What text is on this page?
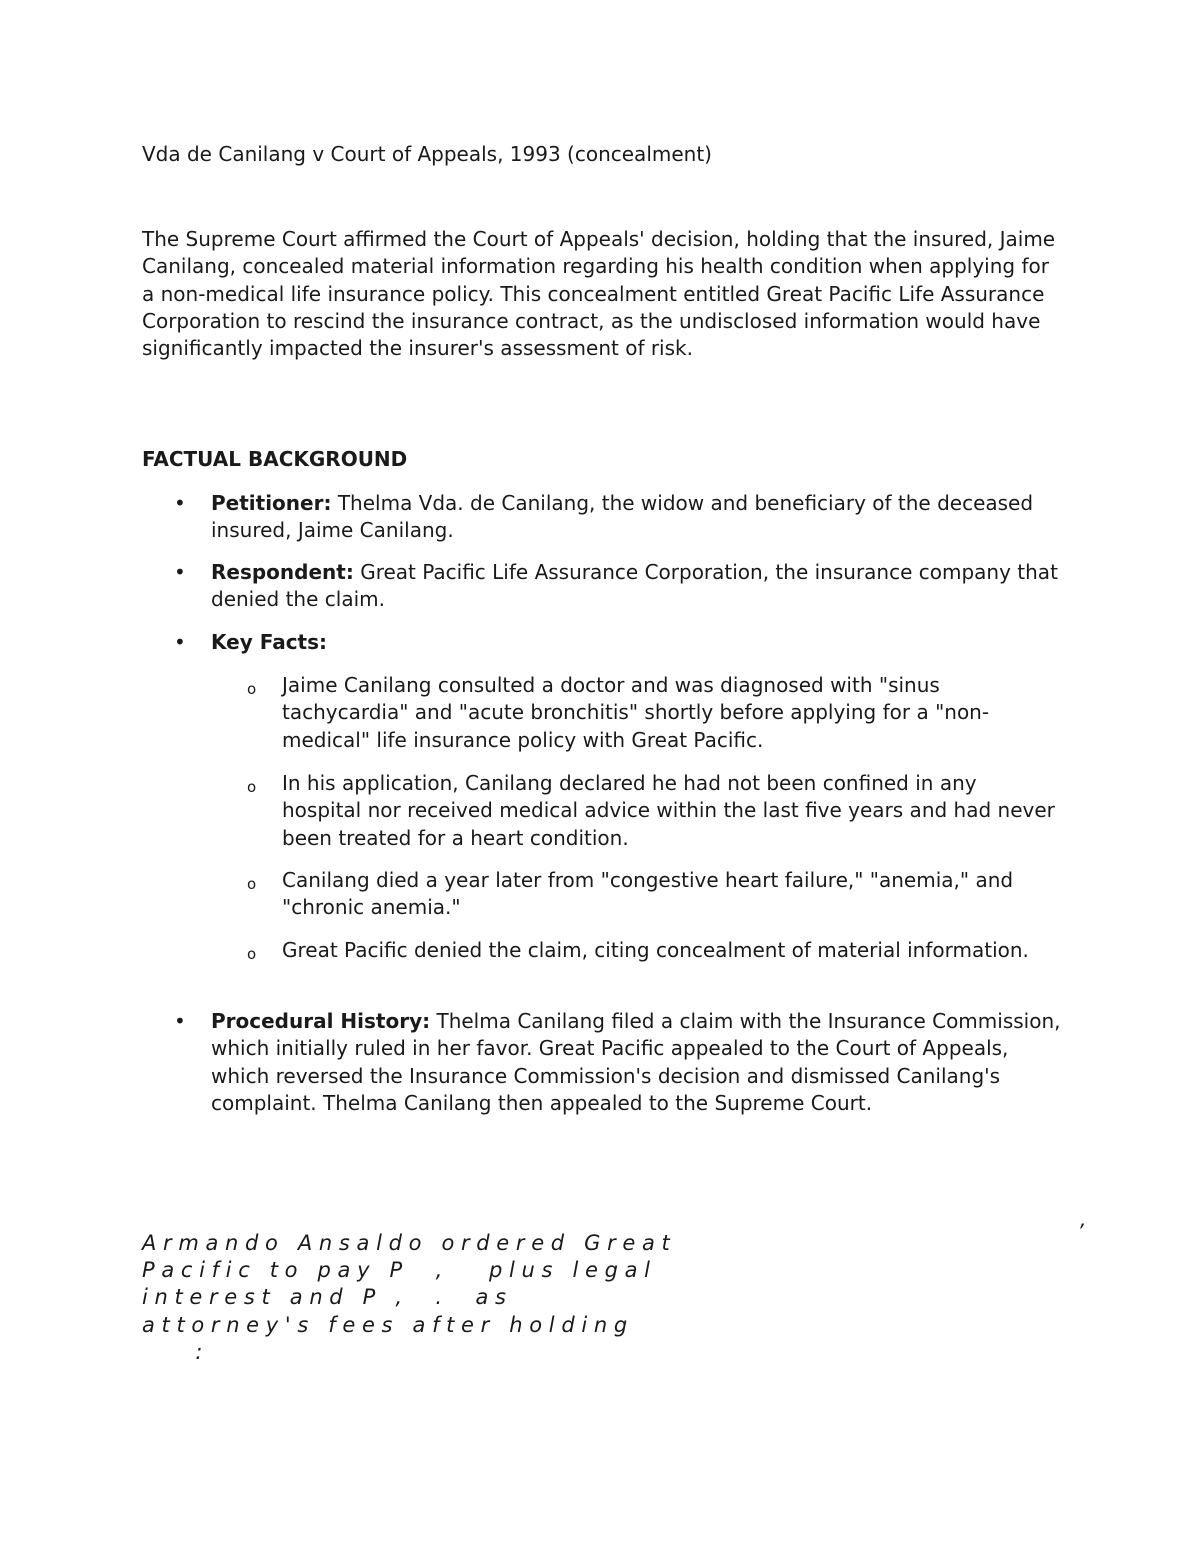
Vda de Canilang v Court of Appeals, 1993 (concealment)

The Supreme Court affirmed the Court of Appeals' decision, holding that the insured, Jaime Canilang, concealed material information regarding his health condition when applying for a non-medical life insurance policy. This concealment entitled Great Pacific Life Assurance Corporation to rescind the insurance contract, as the undisclosed information would have significantly impacted the insurer's assessment of risk.

FACTUAL BACKGROUND
• Petitioner: Thelma Vda. de Canilang, the widow and beneficiary of the deceased insured, Jaime Canilang.

• Respondent: Great Pacific Life Assurance Corporation, the insurance company that denied the claim.

• Key Facts:

o Jaime Canilang consulted a doctor and was diagnosed with "sinus tachycardia" and "acute bronchitis" shortly before applying for a "non-medical" life insurance policy with Great Pacific.

o In his application, Canilang declared he had not been confined in any hospital nor received medical advice within the last five years and had never been treated for a heart condition.

o Canilang died a year later from "congestive heart failure," "anemia," and "chronic anemia."

o Great Pacific denied the claim, citing concealment of material information.

• Procedural History: Thelma Canilang filed a claim with the Insurance Commission, which initially ruled in her favor. Great Pacific appealed to the Court of Appeals, which reversed the Insurance Commission's decision and dismissed Canilang's complaint. Thelma Canilang then appealed to the Supreme Court.

,
A r m a n d o   A n s a l d o   o r d e r e d   G r e a t
P a c i f i c   t o   p a y   P     ,       p l u s   l e g a l
i n t e r e s t   a n d   P   ,     .     a s
a t t o r n e y ' s   f e e s   a f t e r   h o l d i n g
:
